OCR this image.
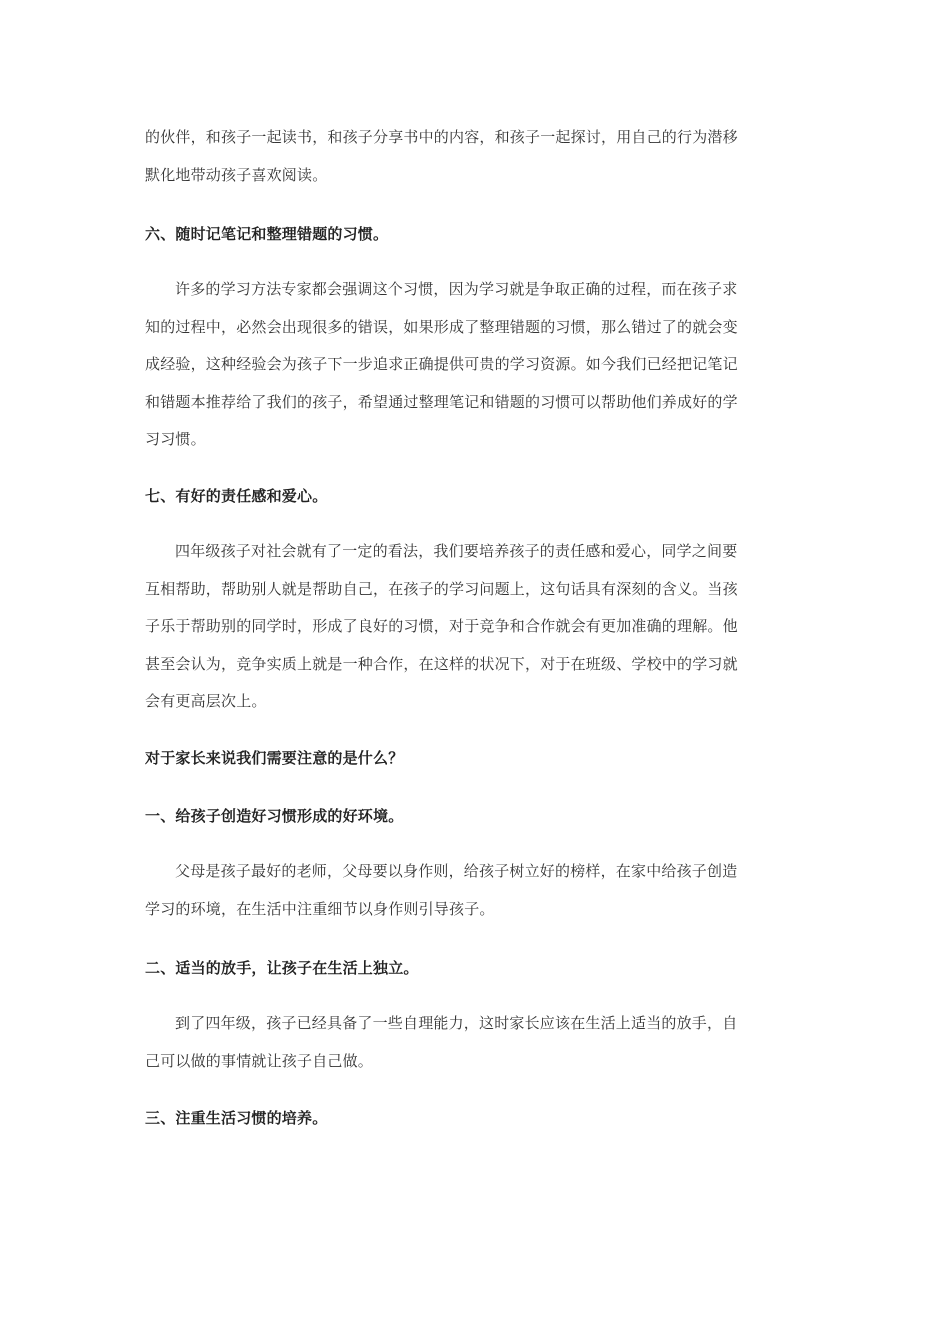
的伙伴，和孩子一起读书，和孩子分享书中的内容，和孩子一起探讨，用自己的行为潜移
默化地带动孩子喜欢阅读。
六、随时记笔记和整理错题的习惯。
许多的学习方法专家都会强调这个习惯，因为学习就是争取正确的过程，而在孩子求
知的过程中，必然会出现很多的错误，如果形成了整理错题的习惯，那么错过了的就会变
成经验，这种经验会为孩子下一步追求正确提供可贵的学习资源。如今我们已经把记笔记
和错题本推荐给了我们的孩子，希望通过整理笔记和错题的习惯可以帮助他们养成好的学
习习惯。
七、有好的责任感和爱心。
四年级孩子对社会就有了一定的看法，我们要培养孩子的责任感和爱心，同学之间要
互相帮助，帮助别人就是帮助自己，在孩子的学习问题上，这句话具有深刻的含义。当孩
子乐于帮助别的同学时，形成了良好的习惯，对于竞争和合作就会有更加准确的理解。他
甚至会认为，竞争实质上就是一种合作，在这样的状况下，对于在班级、学校中的学习就
会有更高层次上。
对于家长来说我们需要注意的是什么？
一、给孩子创造好习惯形成的好环境。
父母是孩子最好的老师，父母要以身作则，给孩子树立好的榜样，在家中给孩子创造
学习的环境，在生活中注重细节以身作则引导孩子。
二、适当的放手，让孩子在生活上独立。
到了四年级，孩子已经具备了一些自理能力，这时家长应该在生活上适当的放手，自
己可以做的事情就让孩子自己做。
三、注重生活习惯的培养。
